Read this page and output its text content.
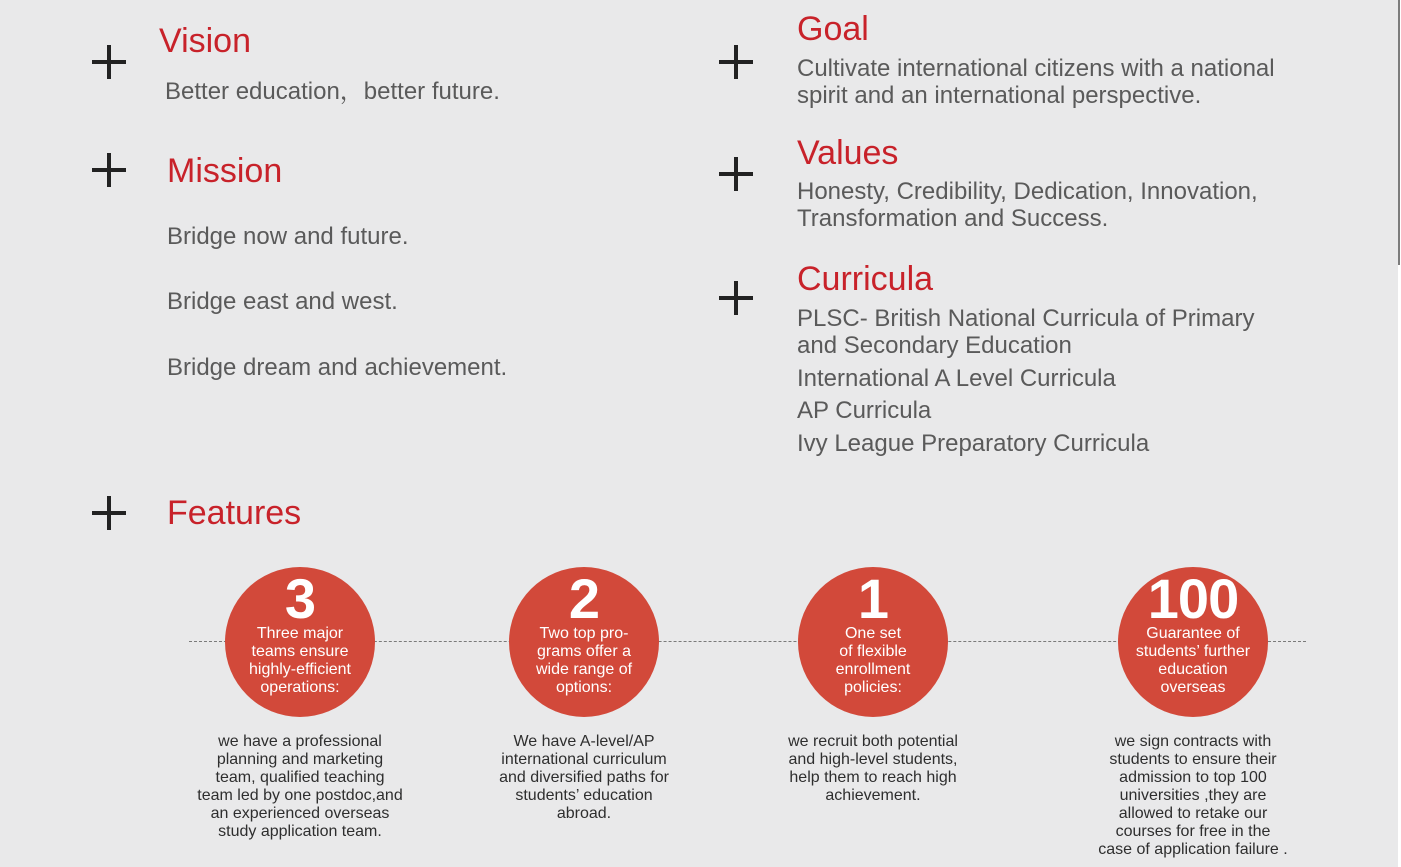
Vision

Better education，better future.

Mission

Bridge now and future.

Bridge east and west.

Bridge dream and achievement.

Goal

Cultivate international citizens with a national

spirit and an international perspective.

Values

Honesty, Credibility, Dedication, Innovation,

Transformation and Success.

Curricula

PLSC- British National Curricula of Primary

and Secondary Education

International A Level Curricula

AP Curricula

Ivy League Preparatory Curricula

Features
3
Three major
teams ensure
highly-efficient
operations:

we have a professional
planning and marketing
team, qualified teaching
team led by one postdoc,and
an experienced overseas
study application team.

2
Two top pro-
grams offer a
wide range of
options:

We have A-level/AP
international curriculum
and diversified paths for
students’ education
abroad.

1
One set
of flexible
enrollment
policies:

we recruit both potential
and high-level students,
help them to reach high
achievement.

100
Guarantee of
students’ further
education
overseas

we sign contracts with
students to ensure their
admission to top 100
universities ,they are
allowed to retake our
courses for free in the
case of application failure .
